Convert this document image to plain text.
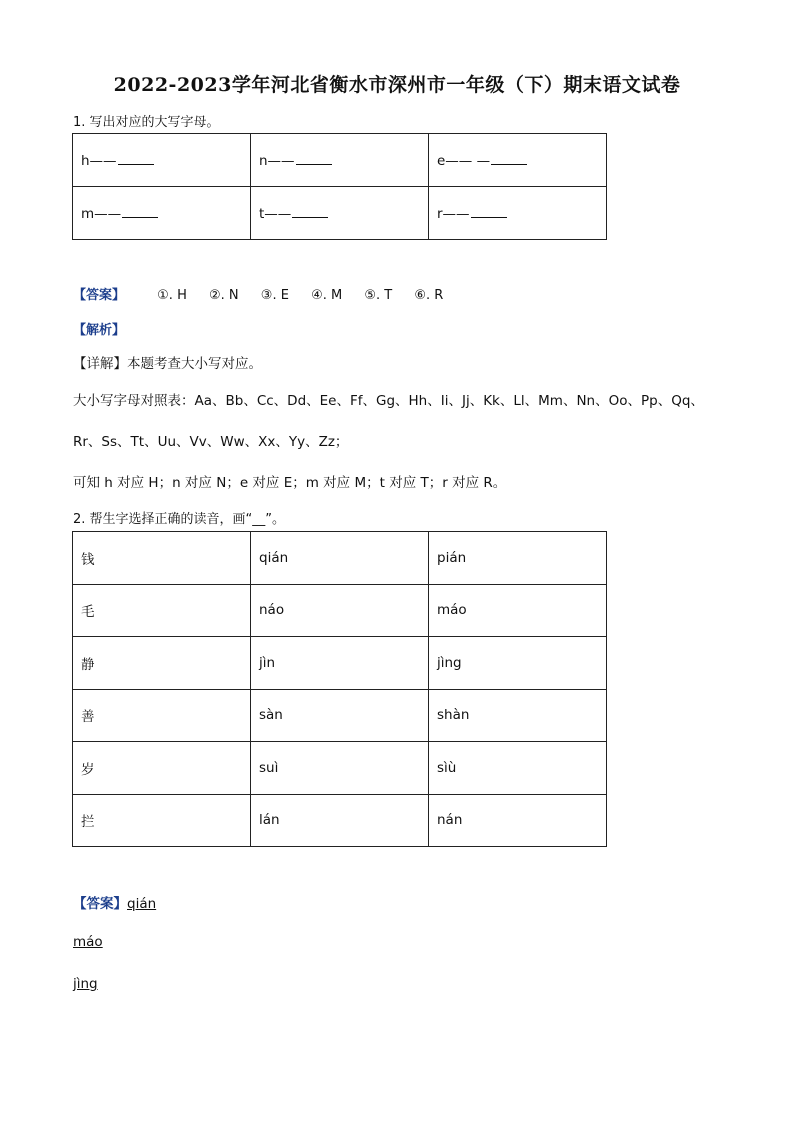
2022-2023学年河北省衡水市深州市一年级（下）期末语文试卷
1. 写出对应的大写字母。
h——	n——	e—— —
m——	t——	r——
【答案】 ①. H ②. N ③. E ④. M ⑤. T ⑥. R
【解析】
【详解】本题考查大小写对应。
大小写字母对照表：Aa、Bb、Cc、Dd、Ee、Ff、Gg、Hh、Ii、Jj、Kk、Ll、Mm、Nn、Oo、Pp、Qq、
Rr、Ss、Tt、Uu、Vv、Ww、Xx、Yy、Zz；
可知 h 对应 H；n 对应 N；e 对应 E；m 对应 M；t 对应 T；r 对应 R。
2. 帮生字选择正确的读音，画“__”。
钱	qián	pián
毛	náo	máo
静	jìn	jìng
善	sàn	shàn
岁	suì	sìù
拦	lán	nán
【答案】qián
máo
jìng
